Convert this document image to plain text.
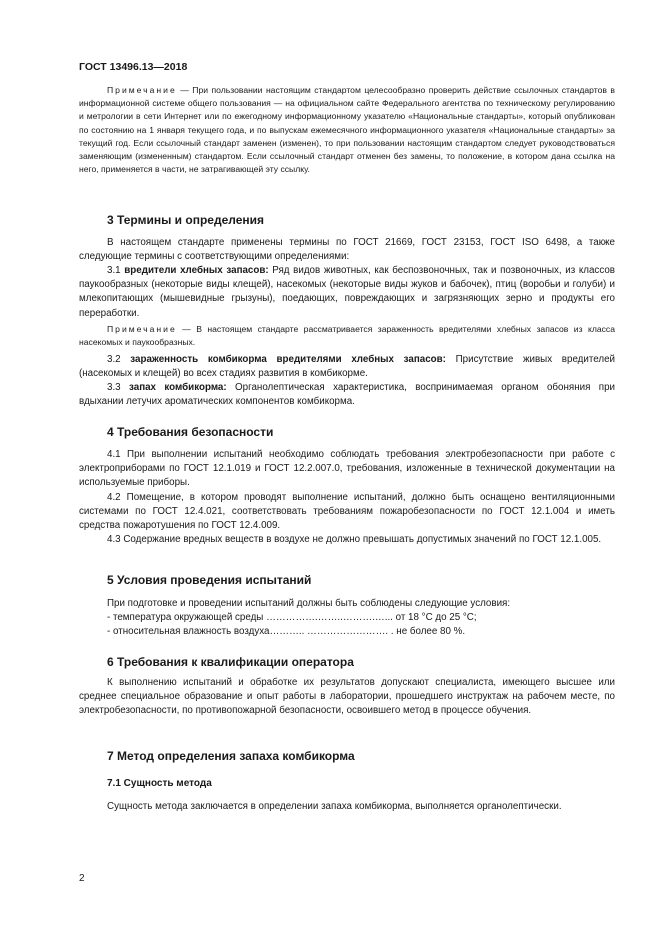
ГОСТ 13496.13—2018

Примечание — При пользовании настоящим стандартом целесообразно проверить действие ссылочных стандартов в информационной системе общего пользования — на официальном сайте Федерального агентства по техническому регулированию и метрологии в сети Интернет или по ежегодному информационному указателю «Национальные стандарты», который опубликован по состоянию на 1 января текущего года, и по выпускам ежемесячного информационного указателя «Национальные стандарты» за текущий год. Если ссылочный стандарт заменен (изменен), то при пользовании настоящим стандартом следует руководствоваться заменяющим (измененным) стандартом. Если ссылочный стандарт отменен без замены, то положение, в котором дана ссылка на него, применяется в части, не затрагивающей эту ссылку.

3 Термины и определения

В настоящем стандарте применены термины по ГОСТ 21669, ГОСТ 23153, ГОСТ ISO 6498, а также следующие термины с соответствующими определениями:

3.1 вредители хлебных запасов: Ряд видов животных, как беспозвоночных, так и позвоночных, из классов паукообразных (некоторые виды клещей), насекомых (некоторые виды жуков и бабочек), птиц (воробьи и голуби) и млекопитающих (мышевидные грызуны), поедающих, повреждающих и загрязняющих зерно и продукты его переработки.

Примечание — В настоящем стандарте рассматривается зараженность вредителями хлебных запасов из класса насекомых и паукообразных.

3.2 зараженность комбикорма вредителями хлебных запасов: Присутствие живых вредителей (насекомых и клещей) во всех стадиях развития в комбикорме.

3.3 запах комбикорма: Органолептическая характеристика, воспринимаемая органом обоняния при вдыхании летучих ароматических компонентов комбикорма.

4 Требования безопасности

4.1 При выполнении испытаний необходимо соблюдать требования электробезопасности при работе с электроприборами по ГОСТ 12.1.019 и ГОСТ 12.2.007.0, требования, изложенные в технической документации на используемые приборы.

4.2 Помещение, в котором проводят выполнение испытаний, должно быть оснащено вентиляционными системами по ГОСТ 12.4.021, соответствовать требованиям пожаробезопасности по ГОСТ 12.1.004 и иметь средства пожаротушения по ГОСТ 12.4.009.

4.3 Содержание вредных веществ в воздухе не должно превышать допустимых значений по ГОСТ 12.1.005.

5 Условия проведения испытаний

При подготовке и проведении испытаний должны быть соблюдены следующие условия:

- температура окружающей среды …………….……..……….…... от 18 °С до 25 °С;

- относительная влажность воздуха……….. ……………………. . не более 80 %.

6 Требования к квалификации оператора

К выполнению испытаний и обработке их результатов допускают специалиста, имеющего высшее или среднее специальное образование и опыт работы в лаборатории, прошедшего инструктаж на рабочем месте, по электробезопасности, по противопожарной безопасности, освоившего метод в процессе обучения.

7 Метод определения запаха комбикорма
7.1 Сущность метода

Сущность метода заключается в определении запаха комбикорма, выполняется органолептически.

2
